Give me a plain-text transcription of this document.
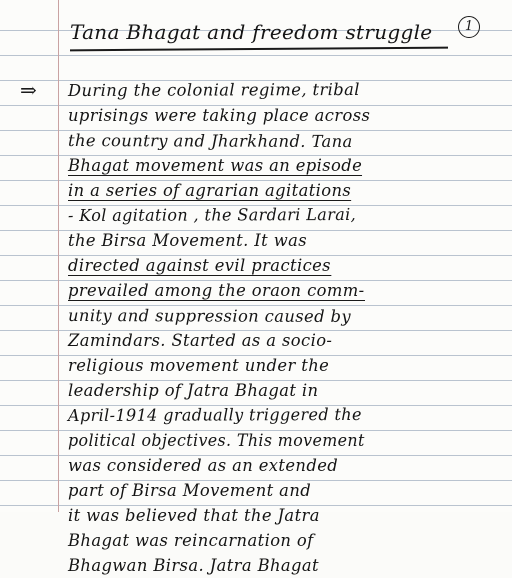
Tana Bhagat and freedom struggle	1
⇒ During the colonial regime, tribal
uprisings were taking place across
the country and Jharkhand. Tana
Bhagat movement was an episode
in a series of agrarian agitations
- Kol agitation , the Sardari Larai,
the Birsa Movement. It was
directed against evil practices
prevailed among the oraon comm-
unity and suppression caused by
Zamindars. Started as a socio-
religious movement under the
leadership of Jatra Bhagat in
April-1914 gradually triggered the
political objectives. This movement
was considered as an extended
part of Birsa Movement and
it was believed that the Jatra
Bhagat was reincarnation of
Bhagwan Birsa. Jatra Bhagat
